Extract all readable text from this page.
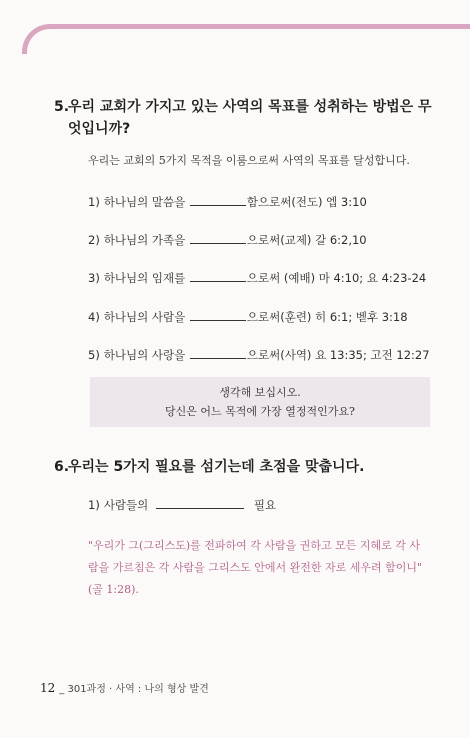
5.
우리 교회가 가지고 있는 사역의 목표를 성취하는 방법은 무엇입니까?
우리는 교회의 5가지 목적을 이룸으로써 사역의 목표를 달성합니다.
1) 하나님의 말씀을	함으로써(전도) 엡 3:10
2) 하나님의 가족을	으로써(교제) 갈 6:2,10
3) 하나님의 임재를	으로써 (예배) 마 4:10; 요 4:23-24
4) 하나님의 사람을	으로써(훈련) 히 6:1; 벧후 3:18
5) 하나님의 사랑을	으로써(사역) 요 13:35; 고전 12:27
생각해 보십시오.
당신은 어느 목적에 가장 열정적인가요?
6.
우리는 5가지 필요를 섬기는데 초점을 맞춥니다.
1) 사람들의	필요
"우리가 그(그리스도)를 전파하여 각 사람을 권하고 모든 지혜로 각 사람을 가르침은 각 사람을 그리스도 안에서 완전한 자로 세우려 함이니" (골 1:28).
12 _ 301과정 · 사역 : 나의 형상 발견
